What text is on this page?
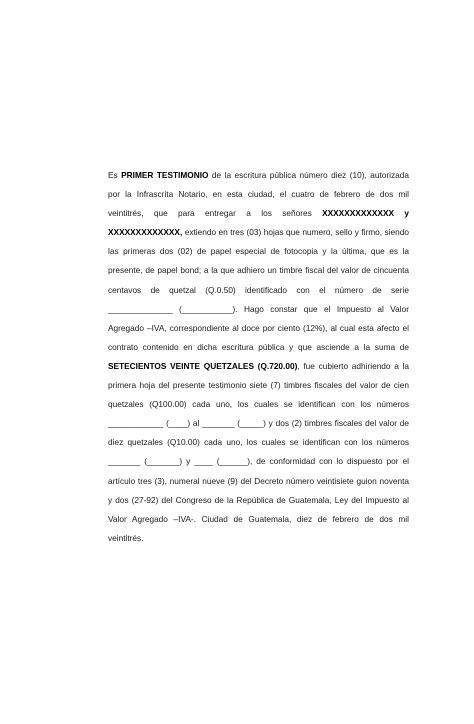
Es PRIMER TESTIMONIO de la escritura pública número diez (10), autorizada por la Infrascrita Notario, en esta ciudad, el cuatro de febrero de dos mil veintitrés, que para entregar a los señores XXXXXXXXXXXXX y XXXXXXXXXXXXX, extiendo en tres (03) hojas que numero, sello y firmo, siendo las primeras dos (02) de papel especial de fotocopia y la última, que es la presente, de papel bond; a la que adhiero un timbre fiscal del valor de cincuenta centavos de quetzal (Q.0.50) identificado con el número de serie ______________ (___________). Hago constar que el Impuesto al Valor Agregado –IVA, correspondiente al doce por ciento (12%), al cual esta afecto el contrato contenido en dicha escritura pública y que asciende a la suma de SETECIENTOS VEINTE QUETZALES (Q.720.00), fue cubierto adhiriendo a la primera hoja del presente testimonio siete (7) timbres fiscales del valor de cien quetzales (Q100.00) cada uno, los cuales se identifican con los números ____________ (____) al _______ (_____) y dos (2) timbres fiscales del valor de diez quetzales (Q10.00) cada uno, los cuales se identifican con los números _______ (_______) y ____ (______), de conformidad con lo dispuesto por el artículo tres (3), numeral nueve (9) del Decreto número veintisiete guion noventa y dos (27-92) del Congreso de la República de Guatemala, Ley del Impuesto al Valor Agregado –IVA-. Ciudad de Guatemala, diez de febrero de dos mil veintitrés.
